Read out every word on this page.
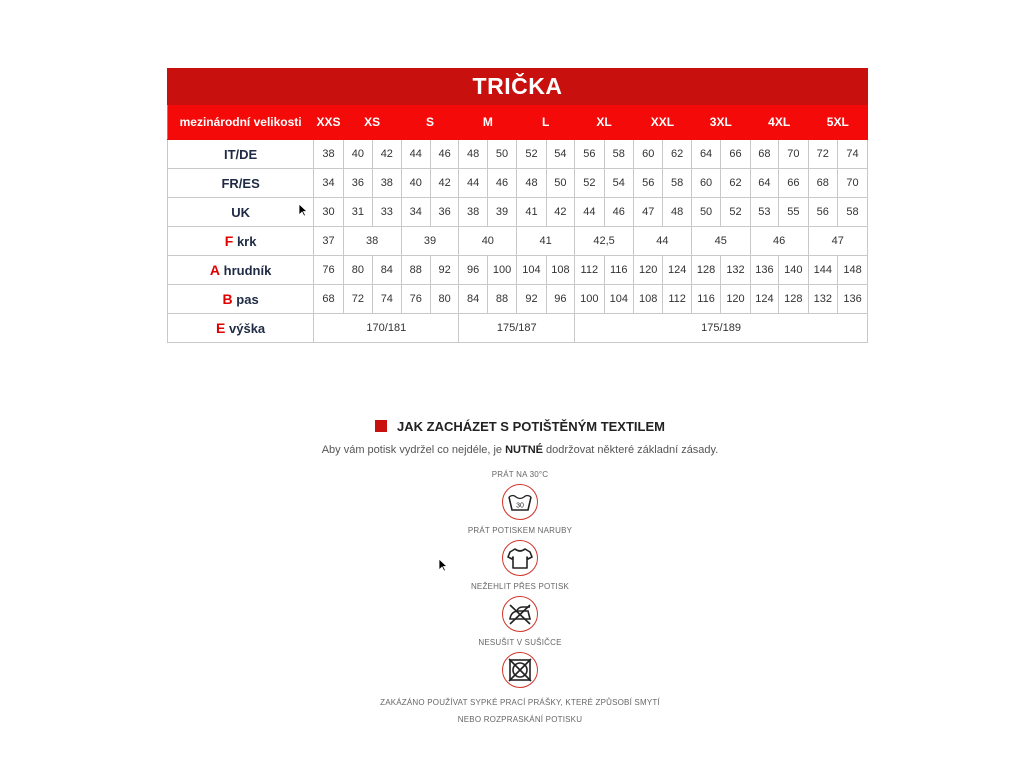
TRIČKA																			
mezinárodní velikosti	XXS	XS		S		M		L		XL		XXL		3XL		4XL		5XL	
IT/DE	38	40	42	44	46	48	50	52	54	56	58	60	62	64	66	68	70	72	74
FR/ES	34	36	38	40	42	44	46	48	50	52	54	56	58	60	62	64	66	68	70
UK	30	31	33	34	36	38	39	41	42	44	46	47	48	50	52	53	55	56	58
F krk	37	38		39		40		41		42,5		44		45		46		47	
A hrudník	76	80	84	88	92	96	100	104	108	112	116	120	124	128	132	136	140	144	148
B pas	68	72	74	76	80	84	88	92	96	100	104	108	112	116	120	124	128	132	136
E výška	170/181					175/187				175/189									
JAK ZACHÁZET S POTIŠTĚNÝM TEXTILEM
Aby vám potisk vydržel co nejdéle, je NUTNÉ dodržovat některé základní zásady.
PRÁT NA 30°C
30
PRÁT POTISKEM NARUBY
NEŽEHLIT PŘES POTISK
NESUŠIT V SUŠIČCE
ZAKÁZÁNO POUŽÍVAT SYPKÉ PRACÍ PRÁŠKY, KTERÉ ZPŮSOBÍ SMYTÍ NEBO ROZPRASKÁNÍ POTISKU
